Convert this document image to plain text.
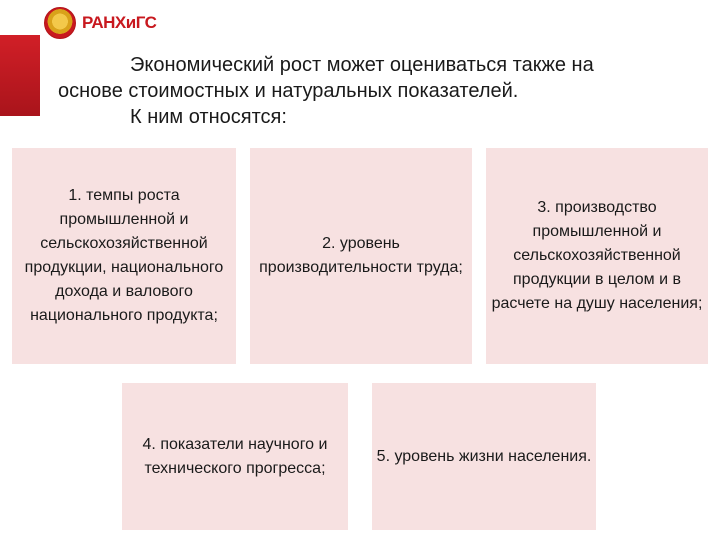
РАНХиГС
Экономический рост может оцениваться также на
основе стоимостных и натуральных показателей.
К ним относятся:
1. темпы роста промышленной и сельскохозяйственной продукции, национального дохода и валового национального продукта;
2. уровень производительности труда;
3. производство промышленной и сельскохозяйственной продукции в целом и в расчете на душу населения;
4. показатели научного и технического прогресса;
5. уровень жизни населения.
